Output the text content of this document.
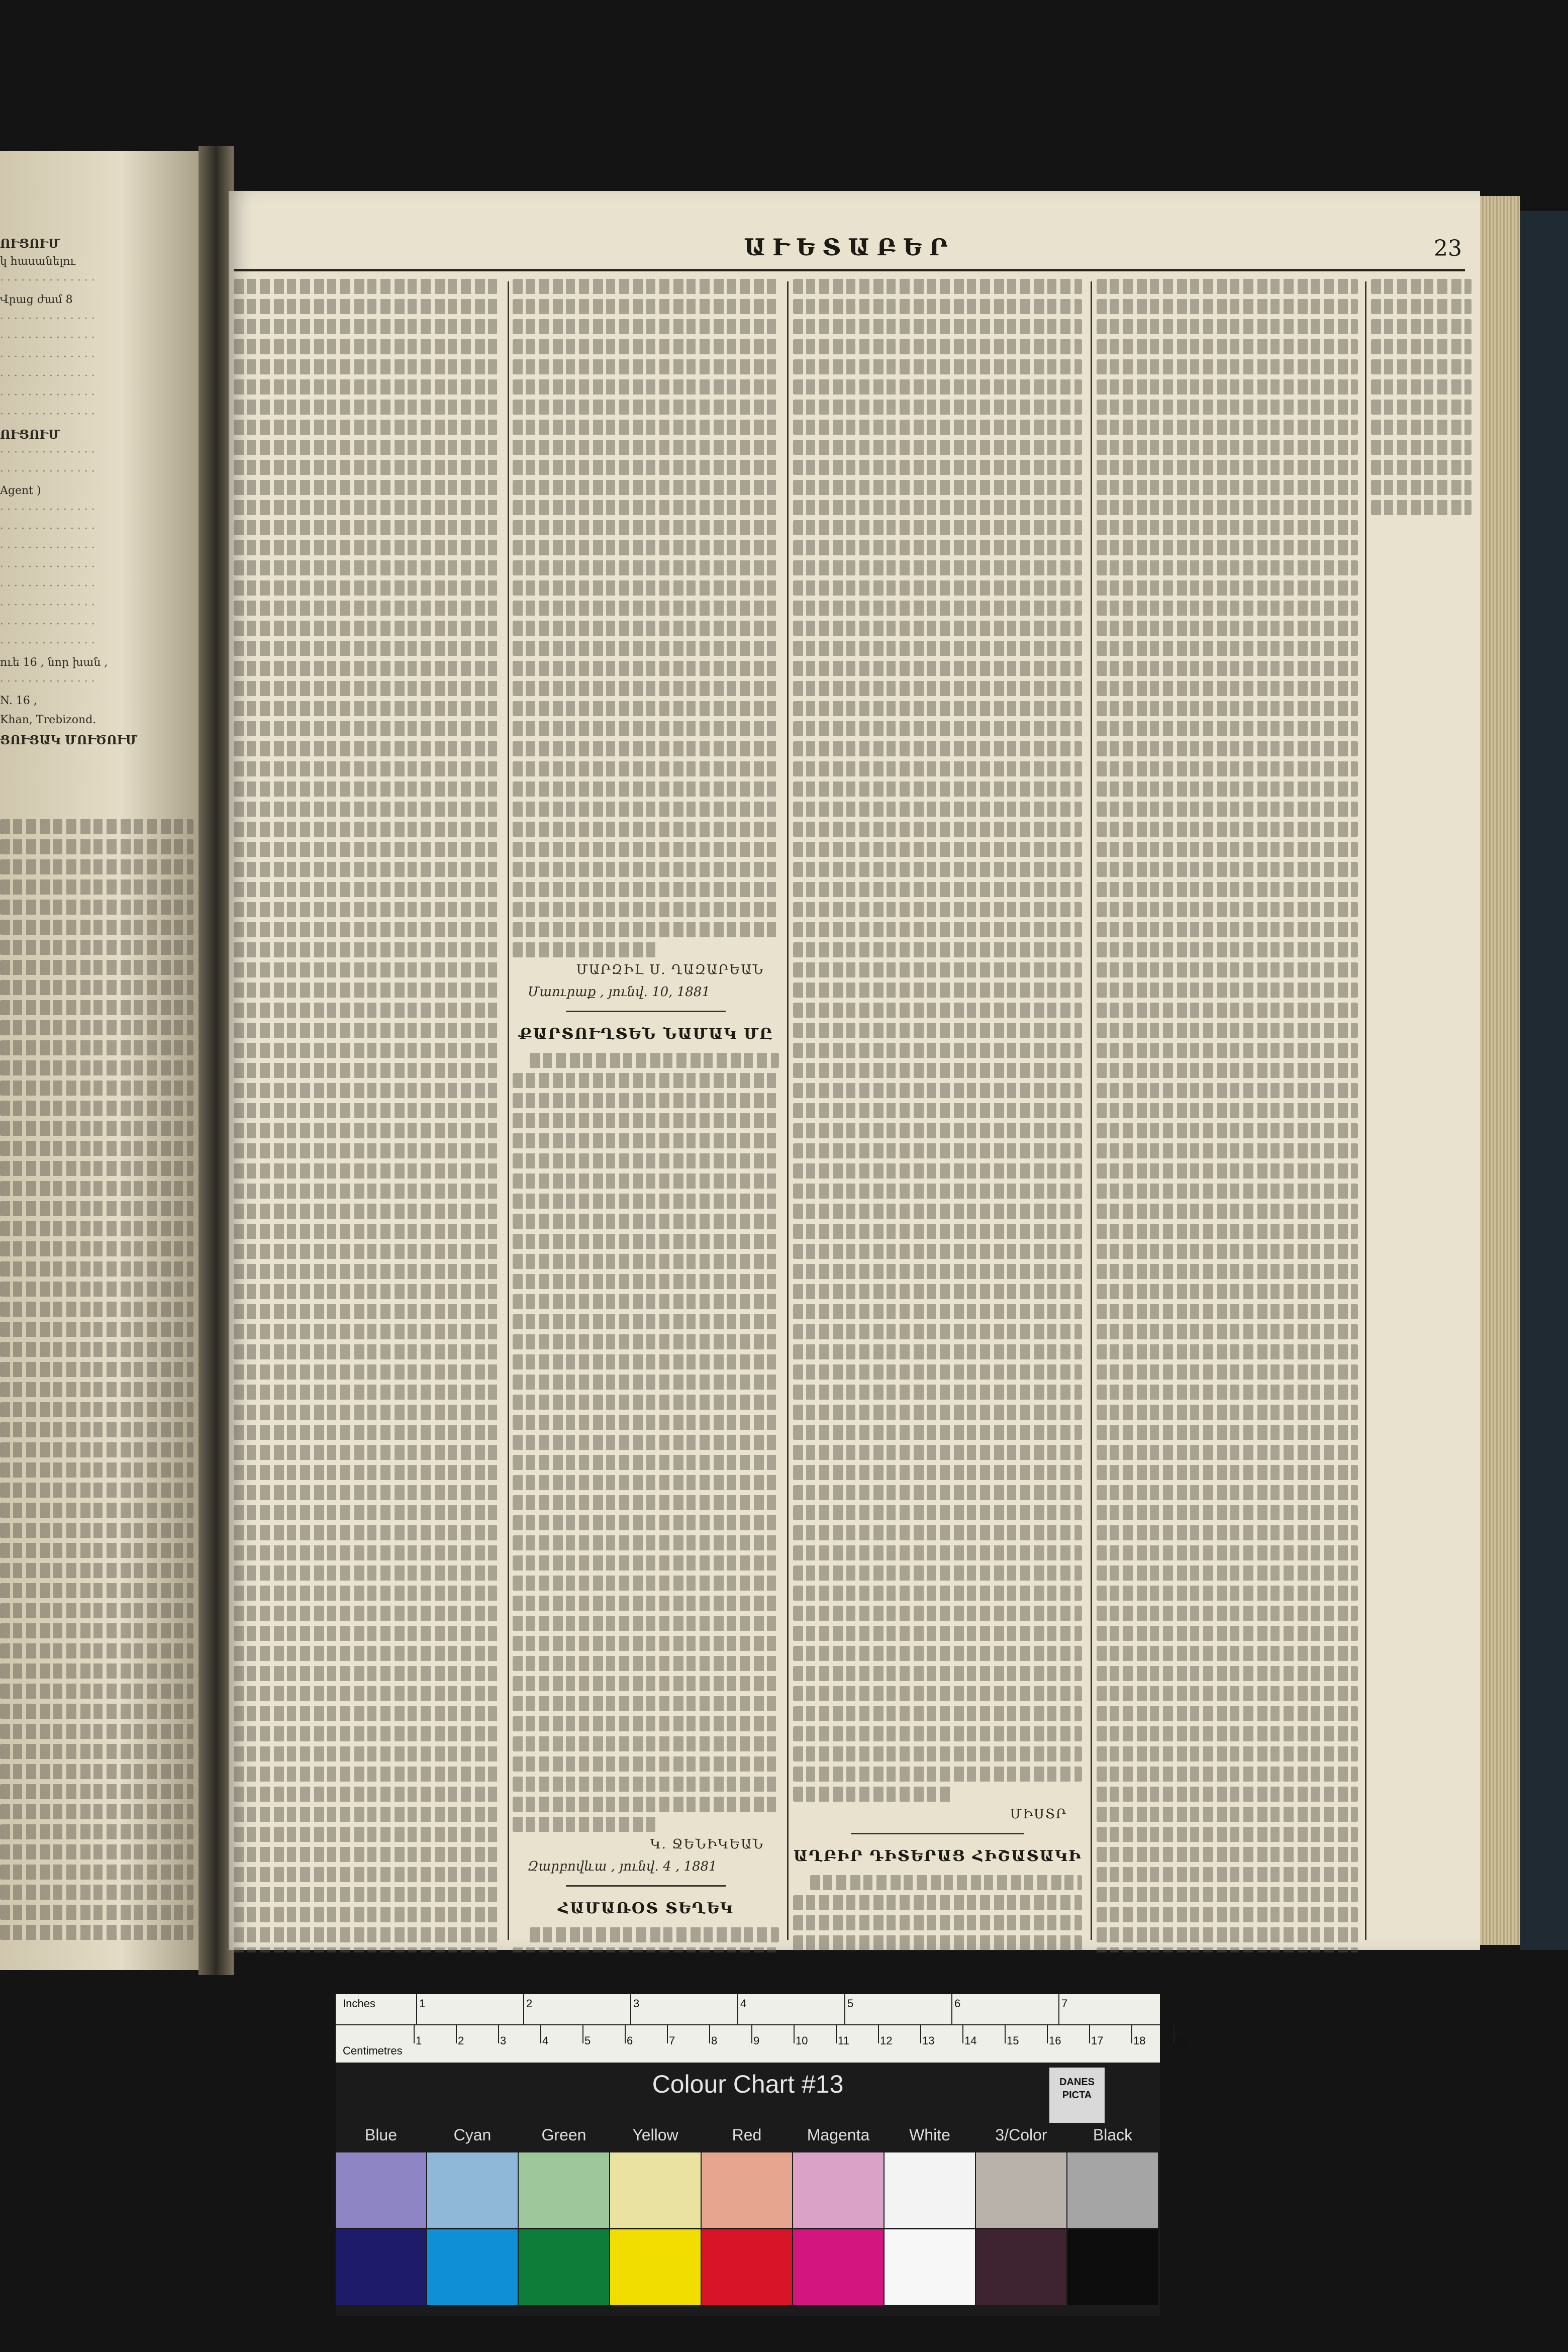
ՈՒՑՈՒՄ
կ հասանելու
· · · · · · · · · · · · · ·
Վրաց ժամ 8
· · · · · · · · · · · · · ·
· · · · · · · · · · · · · ·
· · · · · · · · · · · · · ·
· · · · · · · · · · · · · ·
· · · · · · · · · · · · · ·
· · · · · · · · · · · · · ·
ՈՒՑՈՒՄ
· · · · · · · · · · · · · ·
· · · · · · · · · · · · · ·
Agent )
· · · · · · · · · · · · · ·
· · · · · · · · · · · · · ·
· · · · · · · · · · · · · ·
· · · · · · · · · · · · · ·
· · · · · · · · · · · · · ·
· · · · · · · · · · · · · ·
· · · · · · · · · · · · · ·
· · · · · · · · · · · · · ·
ուե 16 , նոր խան ,
· · · · · · · · · · · · · ·
N. 16 ,
Khan, Trebizond.
ՑՈՒՑԱԿ ՄՈՒԾՈՒՄ
ԱՒԵՏԱԲԵՐ	23
ՄԱՐԶԻԼ Ս. ՂԱԶԱՐԵԱՆ
Մաուրաք , յունվ. 10, 1881
ՔԱՐՏՈՒՂՏԵՆ ՆԱՄԱԿ ՄԸ
Կ. ՋԵՆԻԿԵԱՆ
Զարբովևա , յունվ. 4 , 1881
ՀԱՄԱՌՕՏ ՏԵՂԵԿ
ՄԻՍՏՐ
ԱՂԲԻՐ ԴԻՏԵՐԱՑ ՀԻՇԱՏԱԿԻ
Inches
Centimetres
1	2	3	4	5	6	7
1	2	3	4	5	6	7	8	9	10	11	12	13	14	15	16	17	18	19
Colour Chart #13	DANES PICTA
Blue	Cyan	Green	Yellow	Red	Magenta	White	3/Color	Black
